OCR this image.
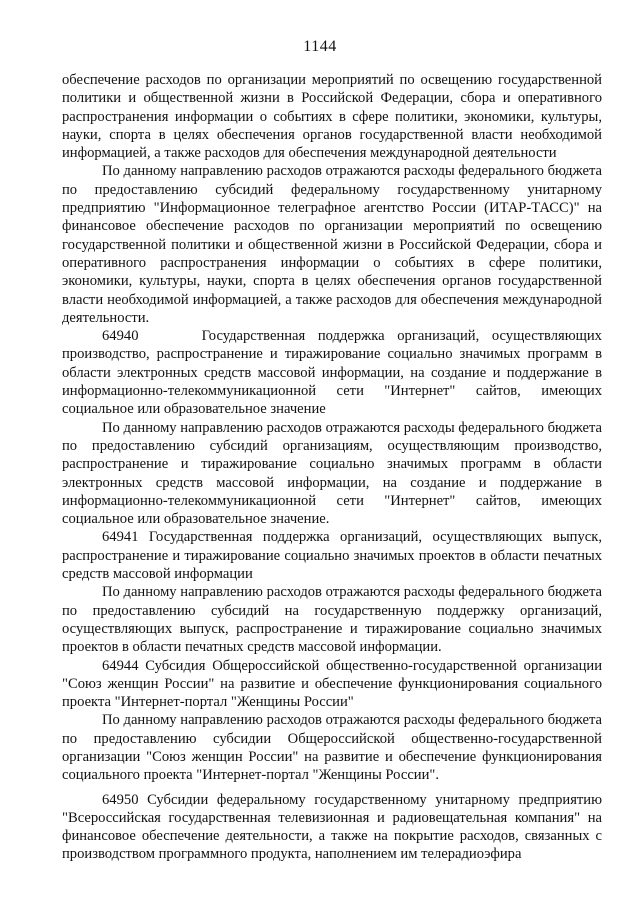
1144

обеспечение расходов по организации мероприятий по освещению государственной политики и общественной жизни в Российской Федерации, сбора и оперативного распространения информации о событиях в сфере политики, экономики, культуры, науки, спорта в целях обеспечения органов государственной власти необходимой информацией, а также расходов для обеспечения международной деятельности

По данному направлению расходов отражаются расходы федерального бюджета по предоставлению субсидий федеральному государственному унитарному предприятию "Информационное телеграфное агентство России (ИТАР-ТАСС)" на финансовое обеспечение расходов по организации мероприятий по освещению государственной политики и общественной жизни в Российской Федерации, сбора и оперативного распространения информации о событиях в сфере политики, экономики, культуры, науки, спорта в целях обеспечения органов государственной власти необходимой информацией, а также расходов для обеспечения международной деятельности.

64940	Государственная поддержка организаций, осуществляющих производство, распространение и тиражирование социально значимых программ в области электронных средств массовой информации, на создание и поддержание в информационно-телекоммуникационной сети "Интернет" сайтов, имеющих социальное или образовательное значение

По данному направлению расходов отражаются расходы федерального бюджета по предоставлению субсидий организациям, осуществляющим производство, распространение и тиражирование социально значимых программ в области электронных средств массовой информации, на создание и поддержание в информационно-телекоммуникационной сети "Интернет" сайтов, имеющих социальное или образовательное значение.

64941 Государственная поддержка организаций, осуществляющих выпуск, распространение и тиражирование социально значимых проектов в области печатных средств массовой информации

По данному направлению расходов отражаются расходы федерального бюджета по предоставлению субсидий на государственную поддержку организаций, осуществляющих выпуск, распространение и тиражирование социально значимых проектов в области печатных средств массовой информации.

64944 Субсидия Общероссийской общественно-государственной организации "Союз женщин России" на развитие и обеспечение функционирования социального проекта "Интернет-портал "Женщины России"

По данному направлению расходов отражаются расходы федерального бюджета по предоставлению субсидии Общероссийской общественно-государственной организации "Союз женщин России" на развитие и обеспечение функционирования социального проекта "Интернет-портал "Женщины России".

64950 Субсидии федеральному государственному унитарному предприятию "Всероссийская государственная телевизионная и радиовещательная компания" на финансовое обеспечение деятельности, а также на покрытие расходов, связанных с производством программного продукта, наполнением им телерадиоэфира
